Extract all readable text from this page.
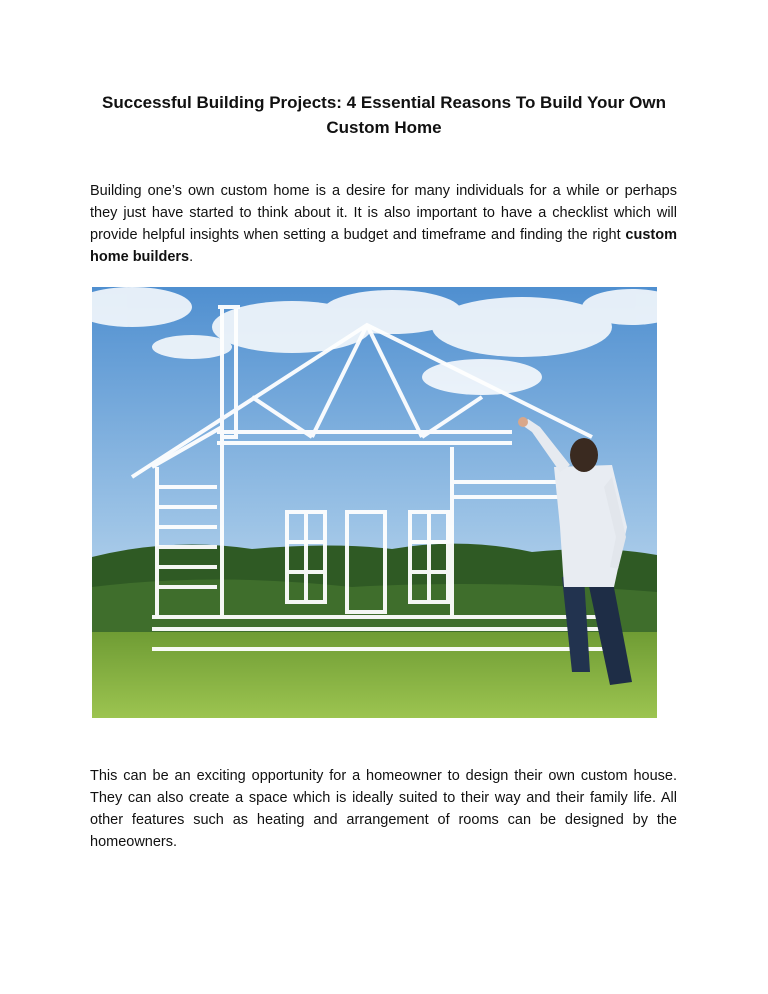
Successful Building Projects: 4 Essential Reasons To Build Your Own Custom Home
Building one’s own custom home is a desire for many individuals for a while or perhaps they just have started to think about it. It is also important to have a checklist which will provide helpful insights when setting a budget and timeframe and finding the right custom home builders.
This can be an exciting opportunity for a homeowner to design their own custom house. They can also create a space which is ideally suited to their way and their family life. All other features such as heating and arrangement of rooms can be designed by the homeowners.
